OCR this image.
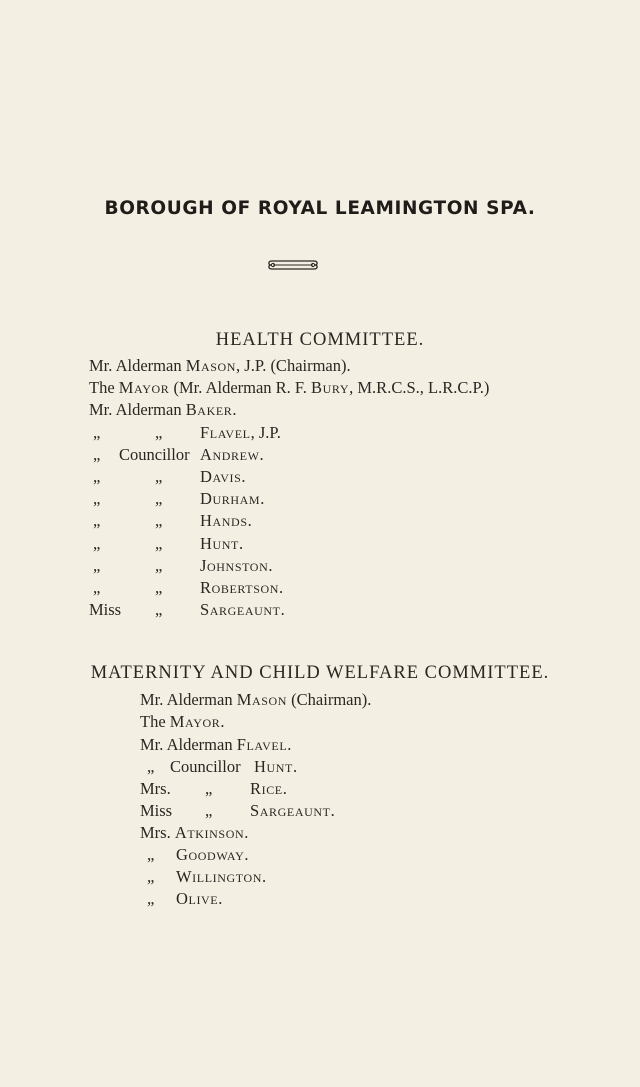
BOROUGH OF ROYAL LEAMINGTON SPA.
HEALTH COMMITTEE.
Mr. Alderman Mason, J.P. (Chairman).
The Mayor (Mr. Alderman R. F. Bury, M.R.C.S., L.R.C.P.)
Mr. Alderman Baker.
„	„ Flavel, J.P.
„ Councillor Andrew.
„	„ Davis.
„	„ Durham.
„	„ Hands.
„	„ Hunt.
„	„ Johnston.
„	„ Robertson.
Miss „ Sargeaunt.
MATERNITY AND CHILD WELFARE COMMITTEE.
Mr. Alderman Mason (Chairman).
The Mayor.
Mr. Alderman Flavel.
„ Councillor Hunt.
Mrs. „ Rice.
Miss „ Sargeaunt.
Mrs. Atkinson.
„ Goodway.
„ Willington.
„ Olive.
